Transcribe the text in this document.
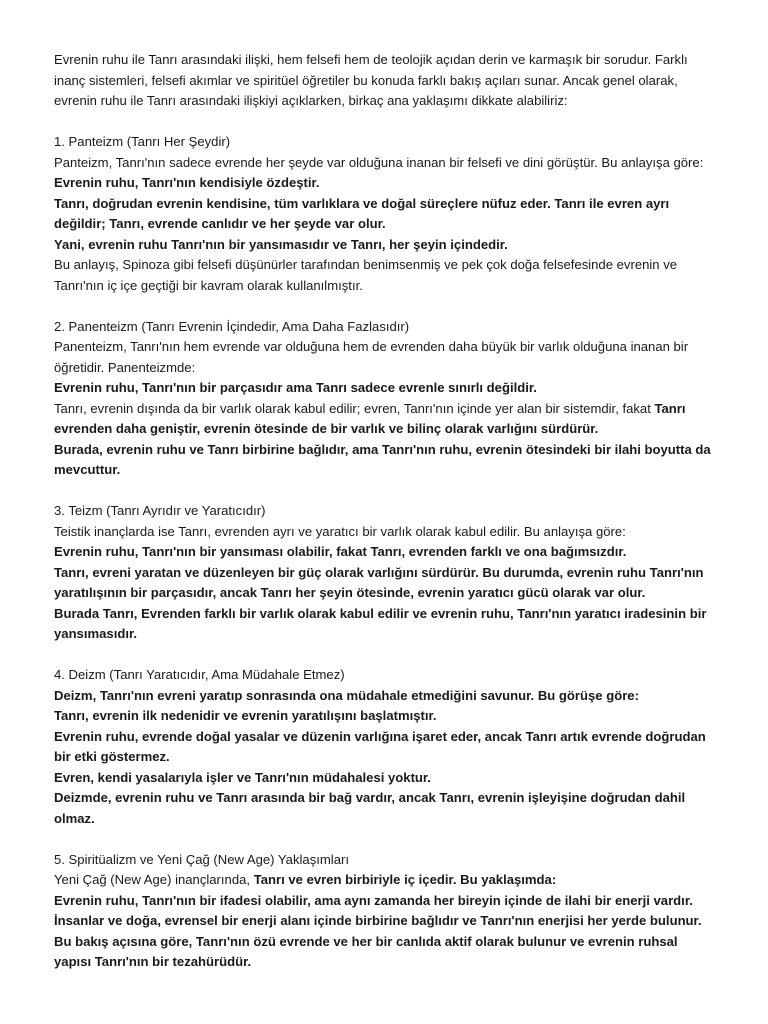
Evrenin ruhu ile Tanrı arasındaki ilişki, hem felsefi hem de teolojik açıdan derin ve karmaşık bir sorudur. Farklı inanç sistemleri, felsefi akımlar ve spiritüel öğretiler bu konuda farklı bakış açıları sunar. Ancak genel olarak, evrenin ruhu ile Tanrı arasındaki ilişkiyi açıklarken, birkaç ana yaklaşımı dikkate alabiliriz:

1. Panteizm (Tanrı Her Şeydir)
Panteizm, Tanrı'nın sadece evrende her şeyde var olduğuna inanan bir felsefi ve dini görüştür. Bu anlayışa göre:
Evrenin ruhu, Tanrı'nın kendisiyle özdeştir.
Tanrı, doğrudan evrenin kendisine, tüm varlıklara ve doğal süreçlere nüfuz eder. Tanrı ile evren ayrı değildir; Tanrı, evrende canlıdır ve her şeyde var olur.
Yani, evrenin ruhu Tanrı'nın bir yansımasıdır ve Tanrı, her şeyin içindedir.
Bu anlayış, Spinoza gibi felsefi düşünürler tarafından benimsenmiş ve pek çok doğa felsefesinde evrenin ve Tanrı'nın iç içe geçtiği bir kavram olarak kullanılmıştır.

2. Panenteizm (Tanrı Evrenin İçindedir, Ama Daha Fazlasıdır)
Panenteizm, Tanrı'nın hem evrende var olduğuna hem de evrenden daha büyük bir varlık olduğuna inanan bir öğretidir. Panenteizmde:
Evrenin ruhu, Tanrı'nın bir parçasıdır ama Tanrı sadece evrenle sınırlı değildir.
Tanrı, evrenin dışında da bir varlık olarak kabul edilir; evren, Tanrı'nın içinde yer alan bir sistemdir, fakat Tanrı evrenden daha geniştir, evrenin ötesinde de bir varlık ve bilinç olarak varlığını sürdürür.
Burada, evrenin ruhu ve Tanrı birbirine bağlıdır, ama Tanrı'nın ruhu, evrenin ötesindeki bir ilahi boyutta da mevcuttur.

3. Teizm (Tanrı Ayrıdır ve Yaratıcıdır)
Teistik inançlarda ise Tanrı, evrenden ayrı ve yaratıcı bir varlık olarak kabul edilir. Bu anlayışa göre:
Evrenin ruhu, Tanrı'nın bir yansıması olabilir, fakat Tanrı, evrenden farklı ve ona bağımsızdır.
Tanrı, evreni yaratan ve düzenleyen bir güç olarak varlığını sürdürür. Bu durumda, evrenin ruhu Tanrı'nın yaratılışının bir parçasıdır, ancak Tanrı her şeyin ötesinde, evrenin yaratıcı gücü olarak var olur.
Burada Tanrı, Evrenden farklı bir varlık olarak kabul edilir ve evrenin ruhu, Tanrı'nın yaratıcı iradesinin bir yansımasıdır.

4. Deizm (Tanrı Yaratıcıdır, Ama Müdahale Etmez)
Deizm, Tanrı'nın evreni yaratıp sonrasında ona müdahale etmediğini savunur. Bu görüşe göre:
Tanrı, evrenin ilk nedenidir ve evrenin yaratılışını başlatmıştır.
Evrenin ruhu, evrende doğal yasalar ve düzenin varlığına işaret eder, ancak Tanrı artık evrende doğrudan bir etki göstermez.
Evren, kendi yasalarıyla işler ve Tanrı'nın müdahalesi yoktur.
Deizmde, evrenin ruhu ve Tanrı arasında bir bağ vardır, ancak Tanrı, evrenin işleyişine doğrudan dahil olmaz.

5. Spiritüalizm ve Yeni Çağ (New Age) Yaklaşımları
Yeni Çağ (New Age) inançlarında, Tanrı ve evren birbiriyle iç içedir. Bu yaklaşımda:
Evrenin ruhu, Tanrı'nın bir ifadesi olabilir, ama aynı zamanda her bireyin içinde de ilahi bir enerji vardır.
İnsanlar ve doğa, evrensel bir enerji alanı içinde birbirine bağlıdır ve Tanrı'nın enerjisi her yerde bulunur.
Bu bakış açısına göre, Tanrı'nın özü evrende ve her bir canlıda aktif olarak bulunur ve evrenin ruhsal yapısı Tanrı'nın bir tezahürüdür.
